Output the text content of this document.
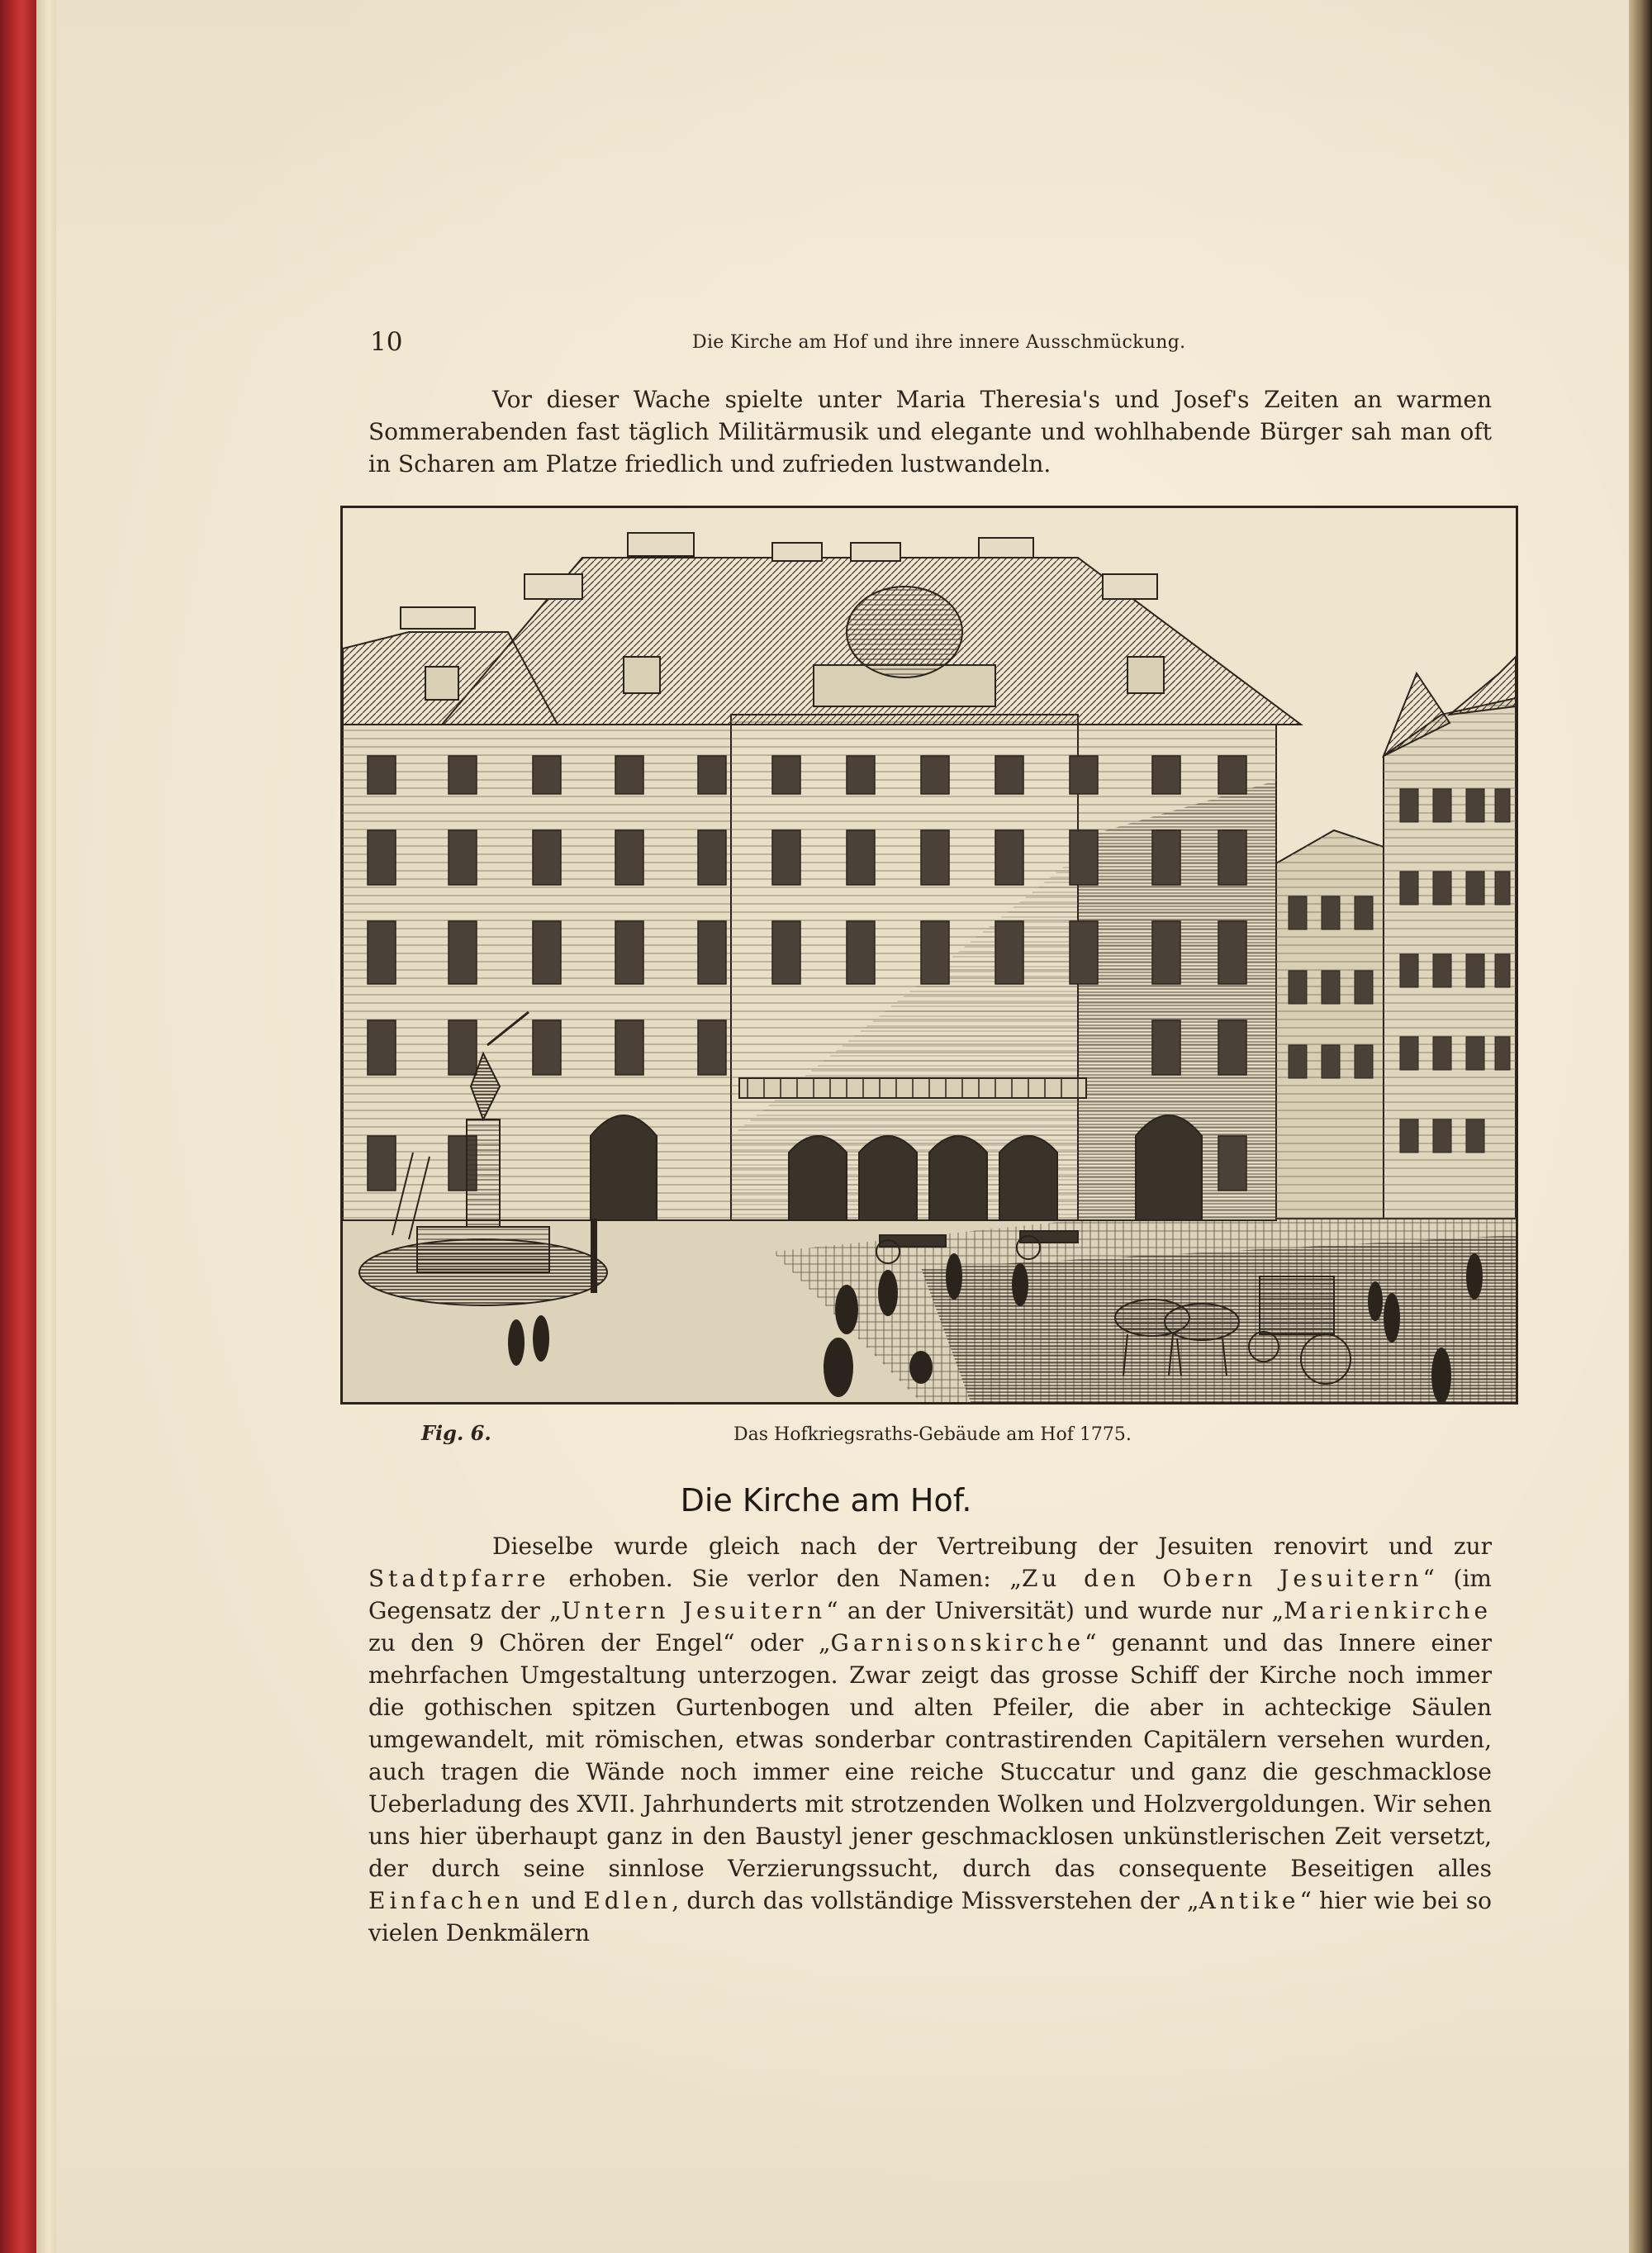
10	Die Kirche am Hof und ihre innere Ausschmückung.
Vor dieser Wache spielte unter Maria Theresia's und Josef's Zeiten an warmen Sommerabenden fast täglich Militärmusik und elegante und wohlhabende Bürger sah man oft in Scharen am Platze friedlich und zufrieden lustwandeln.
Fig. 6.	Das Hofkriegsraths-Gebäude am Hof 1775.
Die Kirche am Hof.
Dieselbe wurde gleich nach der Vertreibung der Jesuiten renovirt und zur Stadtpfarre erhoben. Sie verlor den Namen: „Zu den Obern Jesuitern“ (im Gegensatz der „Untern Jesuitern“ an der Universität) und wurde nur „Marienkirche zu den 9 Chören der Engel“ oder „Garnisonskirche“ genannt und das Innere einer mehrfachen Umgestaltung unterzogen. Zwar zeigt das grosse Schiff der Kirche noch immer die gothischen spitzen Gurtenbogen und alten Pfeiler, die aber in achteckige Säulen umgewandelt, mit römischen, etwas sonderbar contrastirenden Capitälern versehen wurden, auch tragen die Wände noch immer eine reiche Stuccatur und ganz die geschmacklose Ueberladung des XVII. Jahrhunderts mit strotzenden Wolken und Holzvergoldungen. Wir sehen uns hier überhaupt ganz in den Baustyl jener geschmacklosen unkünstlerischen Zeit versetzt, der durch seine sinnlose Verzierungssucht, durch das consequente Beseitigen alles Einfachen und Edlen, durch das vollständige Missverstehen der „Antike“ hier wie bei so vielen Denkmälern
